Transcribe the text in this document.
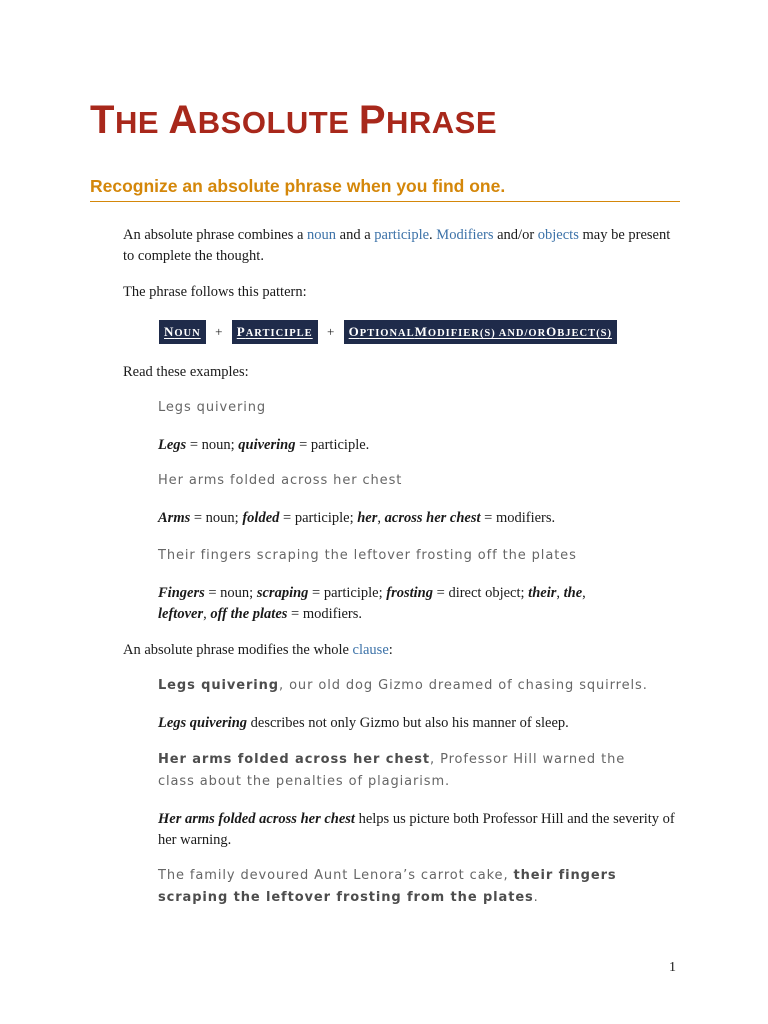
THE ABSOLUTE PHRASE
Recognize an absolute phrase when you find one.

An absolute phrase combines a noun and a participle. Modifiers and/or objects may be present to complete the thought.

The phrase follows this pattern:

N OUN	+	P ARTICIPLE	+	O PTIONAL M ODIFIER (S) AND/OR O BJECT (S)

Read these examples:

Legs quivering

Legs = noun; quivering = participle.

Her arms folded across her chest

Arms = noun; folded = participle; her, across her chest = modifiers.

Their fingers scraping the leftover frosting off the plates

Fingers = noun; scraping = participle; frosting = direct object; their, the,
leftover, off the plates = modifiers.

An absolute phrase modifies the whole clause:

Legs quivering, our old dog Gizmo dreamed of chasing squirrels.

Legs quivering describes not only Gizmo but also his manner of sleep.

Her arms folded across her chest, Professor Hill warned the class about the penalties of plagiarism.

Her arms folded across her chest helps us picture both Professor Hill and the severity of her warning.

The family devoured Aunt Lenora’s carrot cake, their fingers scraping the leftover frosting from the plates.

1
